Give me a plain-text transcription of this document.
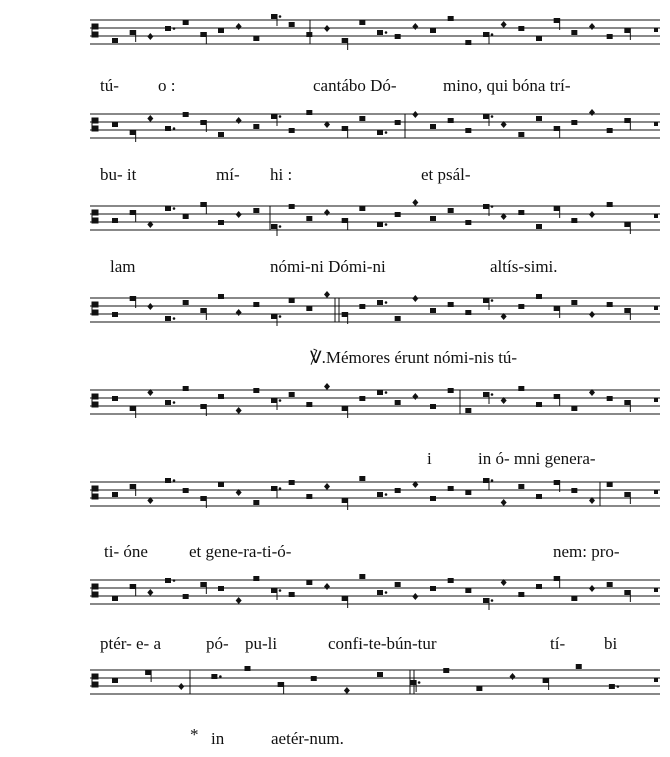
tú- o :	cantábo Dó-	mino, qui bóna trí-
bu- it	mí- hi :	et psál-
lam	nómi-ni Dómi-ni	altís-simi.
℣.Mémores érunt nómi-nis tú-
i	in ó- mni genera-
ti- óne et gene-ra-ti-ó-	nem: pro-
ptér- e- a	pó- pu-li	confi-te-bún-tur	tí- bi
* in	aetér-num.
